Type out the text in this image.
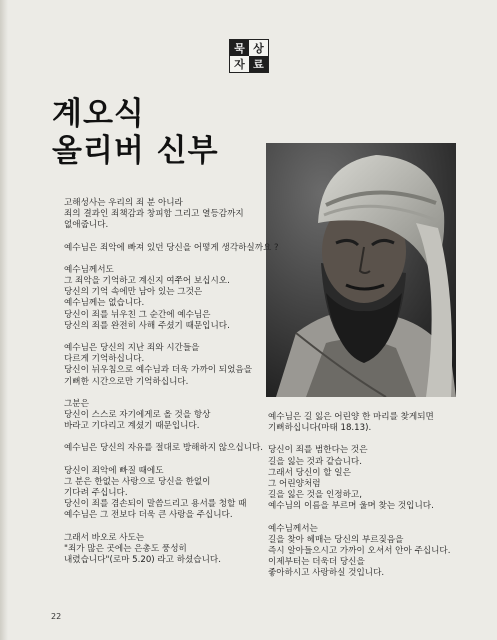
묵 상
자 료
계오식
올리버 신부

고해성사는 우리의 죄 분 아니라
죄의 결과인 죄책감과 창피함 그리고 열등감까지
없애줍니다.

예수님은 죄악에 빠져 있던 당신을 어떻게 생각하실까요 ?

예수님께서도
그 죄악을 기억하고 계신지 여쭈어 보십시오.
당신의 기억 속에만 남아 있는 그것은
예수님께는 없습니다.
당신이 죄를 뉘우친 그 순간에 예수님은
당신의 죄를 완전히 사해 주셨기 때문입니다.

예수님은 당신의 지난 죄와 시간들을
다르게 기억하십니다.
당신이 뉘우침으로 예수님과 더욱 가까이 되었음을
기뻐한 시간으로만 기억하십니다.

그분은
당신이 스스로 자기에게로 올 것을 항상
바라고 기다리고 계셨기 때문입니다.

예수님은 당신의 자유를 절대로 방해하지 않으십니다.

당신이 죄악에 빠질 때에도
그 분은 한없는 사랑으로 당신을 한없이
기다려 주십니다.
당신이 죄를 겸손되이 말씀드리고 용서를 청할 때
예수님은 그 전보다 더욱 큰 사랑을 주십니다.

그래서 바오로 사도는
"죄가 많은 곳에는 은총도 풍성히
내렸습니다"(로마 5.20) 라고 하셨습니다.

예수님은 길 잃은 어린양 한 마리를 찾게되면
기뻐하십니다(마태 18.13).

당신이 죄를 범한다는 것은
길을 잃는 것과 같습니다.
그래서 당신이 할 일은
그 어린양처럼
길을 잃은 것을 인정하고,
예수님의 이름을 부르며 울며 찾는 것입니다.

예수님께서는
길을 찾아 헤매는 당신의 부르짖음을
즉시 알아들으시고 가까이 오셔서 안아 주십니다.
이제부터는 더욱더 당신을
좋아하시고 사랑하실 것입니다.

22
